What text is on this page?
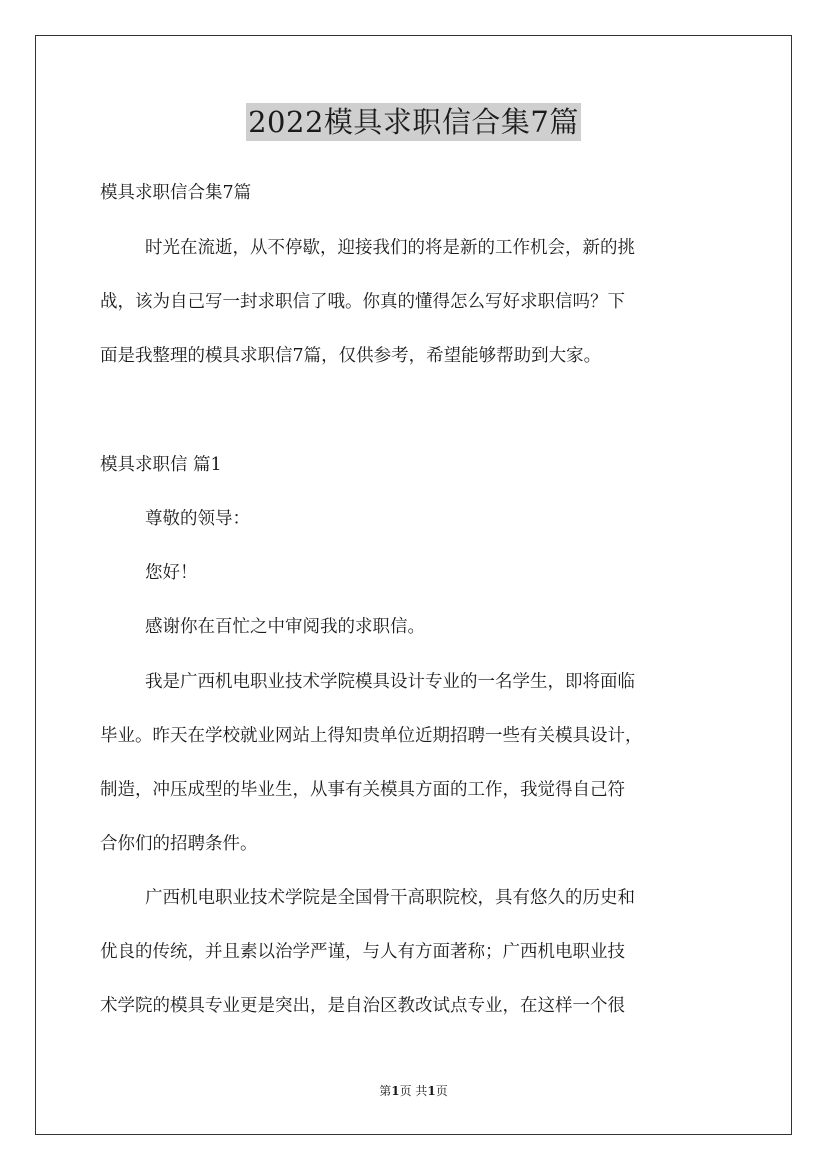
2022模具求职信合集7篇
模具求职信合集7篇
时光在流逝，从不停歇，迎接我们的将是新的工作机会，新的挑
战，该为自己写一封求职信了哦。你真的懂得怎么写好求职信吗？下
面是我整理的模具求职信7篇，仅供参考，希望能够帮助到大家。
模具求职信 篇1
尊敬的领导：
您好！
感谢你在百忙之中审阅我的求职信。
我是广西机电职业技术学院模具设计专业的一名学生，即将面临
毕业。昨天在学校就业网站上得知贵单位近期招聘一些有关模具设计，
制造，冲压成型的毕业生，从事有关模具方面的工作，我觉得自己符
合你们的招聘条件。
广西机电职业技术学院是全国骨干高职院校，具有悠久的历史和
优良的传统，并且素以治学严谨，与人有方面著称；广西机电职业技
术学院的模具专业更是突出，是自治区教改试点专业，在这样一个很
第1页 共1页
